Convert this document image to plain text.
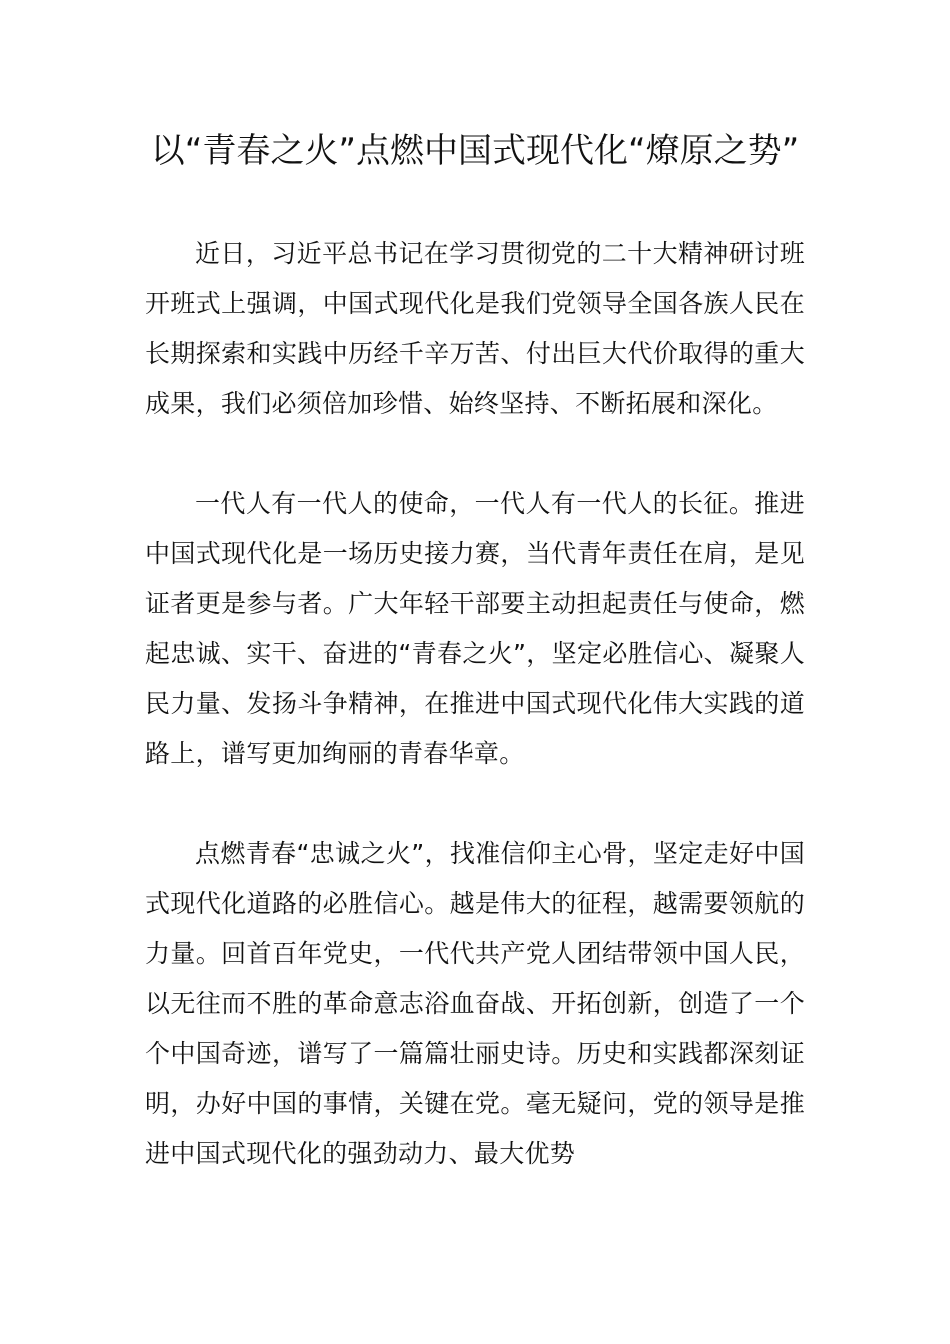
以“青春之火”点燃中国式现代化“燎原之势”

近日，习近平总书记在学习贯彻党的二十大精神研讨班开班式上强调，中国式现代化是我们党领导全国各族人民在长期探索和实践中历经千辛万苦、付出巨大代价取得的重大成果，我们必须倍加珍惜、始终坚持、不断拓展和深化。

一代人有一代人的使命，一代人有一代人的长征。推进中国式现代化是一场历史接力赛，当代青年责任在肩，是见证者更是参与者。广大年轻干部要主动担起责任与使命，燃起忠诚、实干、奋进的“青春之火”，坚定必胜信心、凝聚人民力量、发扬斗争精神，在推进中国式现代化伟大实践的道路上，谱写更加绚丽的青春华章。

点燃青春“忠诚之火”，找准信仰主心骨，坚定走好中国式现代化道路的必胜信心。越是伟大的征程，越需要领航的力量。回首百年党史，一代代共产党人团结带领中国人民，以无往而不胜的革命意志浴血奋战、开拓创新，创造了一个个中国奇迹，谱写了一篇篇壮丽史诗。历史和实践都深刻证明，办好中国的事情，关键在党。毫无疑问，党的领导是推进中国式现代化的强劲动力、最大优势
